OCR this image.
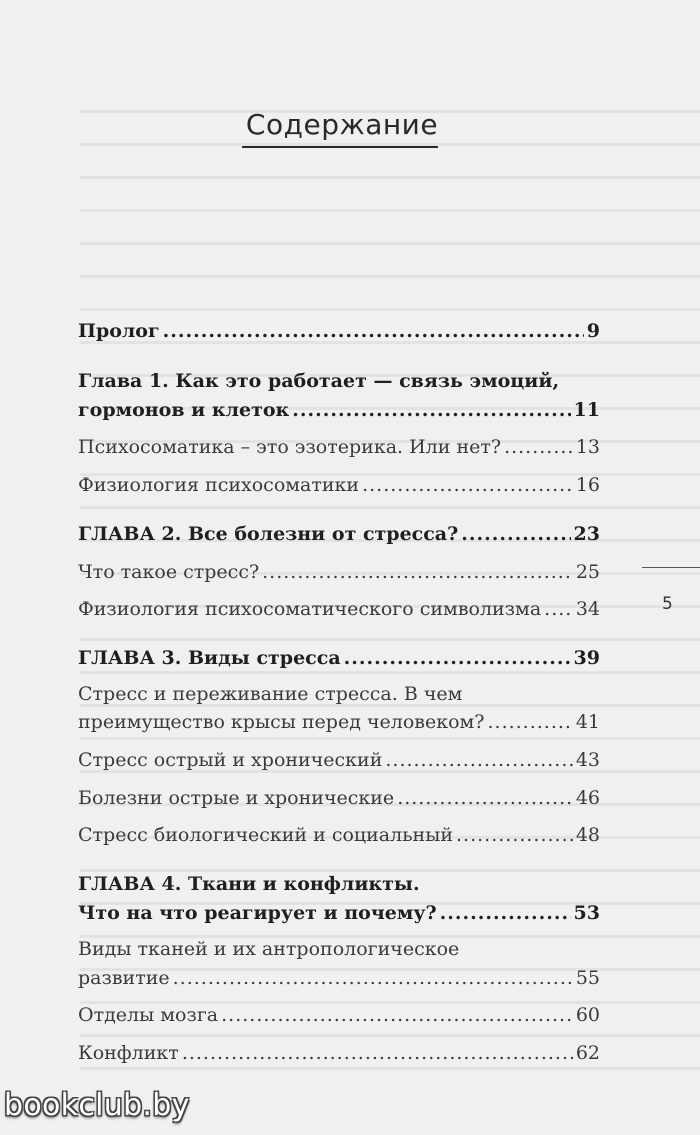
Содержание
Пролог .....	9
Глава 1. Как это работает — связь эмоций,
гормонов и клеток .....	11
Психосоматика – это эзотерика. Или нет? .....	13
Физиология психосоматики .....	16
ГЛАВА 2. Все болезни от стресса? .....	23
Что такое стресс? .....	25
Физиология психосоматического символизма ..... 34
ГЛАВА 3. Виды стресса .....	39
Стресс и переживание стресса. В чем
преимущество крысы перед человеком? .....	41
Стресс острый и хронический .....	43
Болезни острые и хронические .....	46
Стресс биологический и социальный .....	48
ГЛАВА 4. Ткани и конфликты.
Что на что реагирует и почему? .....	53
Виды тканей и их антропологическое
развитие .....	55
Отделы мозга .....	60
Конфликт .....	62
5
bookclub.by
